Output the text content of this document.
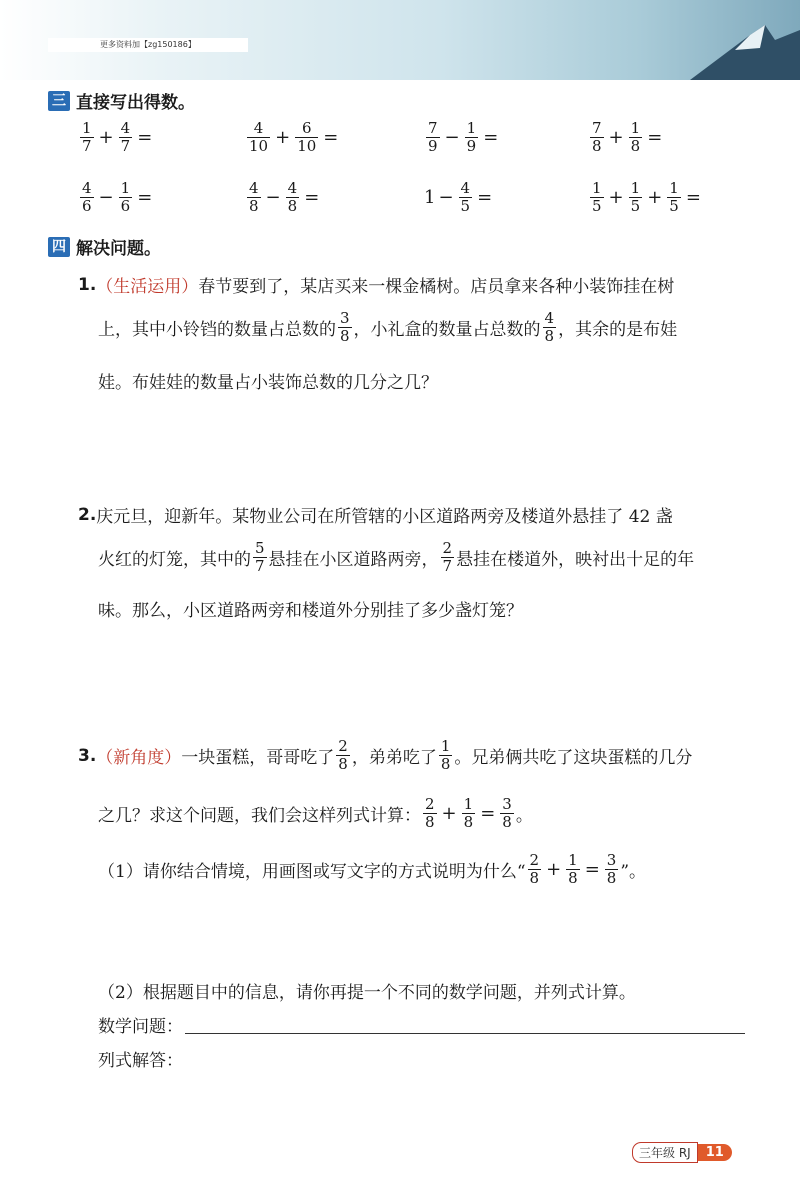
更多资料加【zg150186】
三 直接写出得数。
$\frac{1}{7} + \frac{4}{7}$ =	$\frac{4}{10} + \frac{6}{10}$ =	$\frac{7}{9} - \frac{1}{9}$ =	$\frac{7}{8} + \frac{1}{8}$ =
$\frac{4}{6} - \frac{1}{6}$ =	$\frac{4}{8} - \frac{4}{8}$ =	$1 - \frac{4}{5}$ =	$\frac{1}{5} + \frac{1}{5} + \frac{1}{5}$ =
四 解决问题。
1. （生活运用） 春节要到了，某店买来一棵金橘树。店员拿来各种小装饰挂在树
上，其中小铃铛的数量占总数的 $\frac{3}{8}$ ，小礼盒的数量占总数的 $\frac{4}{8}$ ，其余的是布娃
娃。布娃娃的数量占小装饰总数的几分之几？
2. 庆元旦，迎新年。某物业公司在所管辖的小区道路两旁及楼道外悬挂了 42 盏
火红的灯笼，其中的 $\frac{5}{7}$ 悬挂在小区道路两旁， $\frac{2}{7}$ 悬挂在楼道外，映衬出十足的年
味。那么，小区道路两旁和楼道外分别挂了多少盏灯笼？
3. （新角度） 一块蛋糕，哥哥吃了 $\frac{2}{8}$ ，弟弟吃了 $\frac{1}{8}$ 。兄弟俩共吃了这块蛋糕的几分
之几？求这个问题，我们会这样列式计算： $\frac{2}{8} + \frac{1}{8} = \frac{3}{8}$ 。
（1）请你结合情境，用画图或写文字的方式说明为什么“ $\frac{2}{8} + \frac{1}{8} = \frac{3}{8}$ ”。
（2）根据题目中的信息，请你再提一个不同的数学问题，并列式计算。
数学问题：
列式解答：
三年级 RJ	11
